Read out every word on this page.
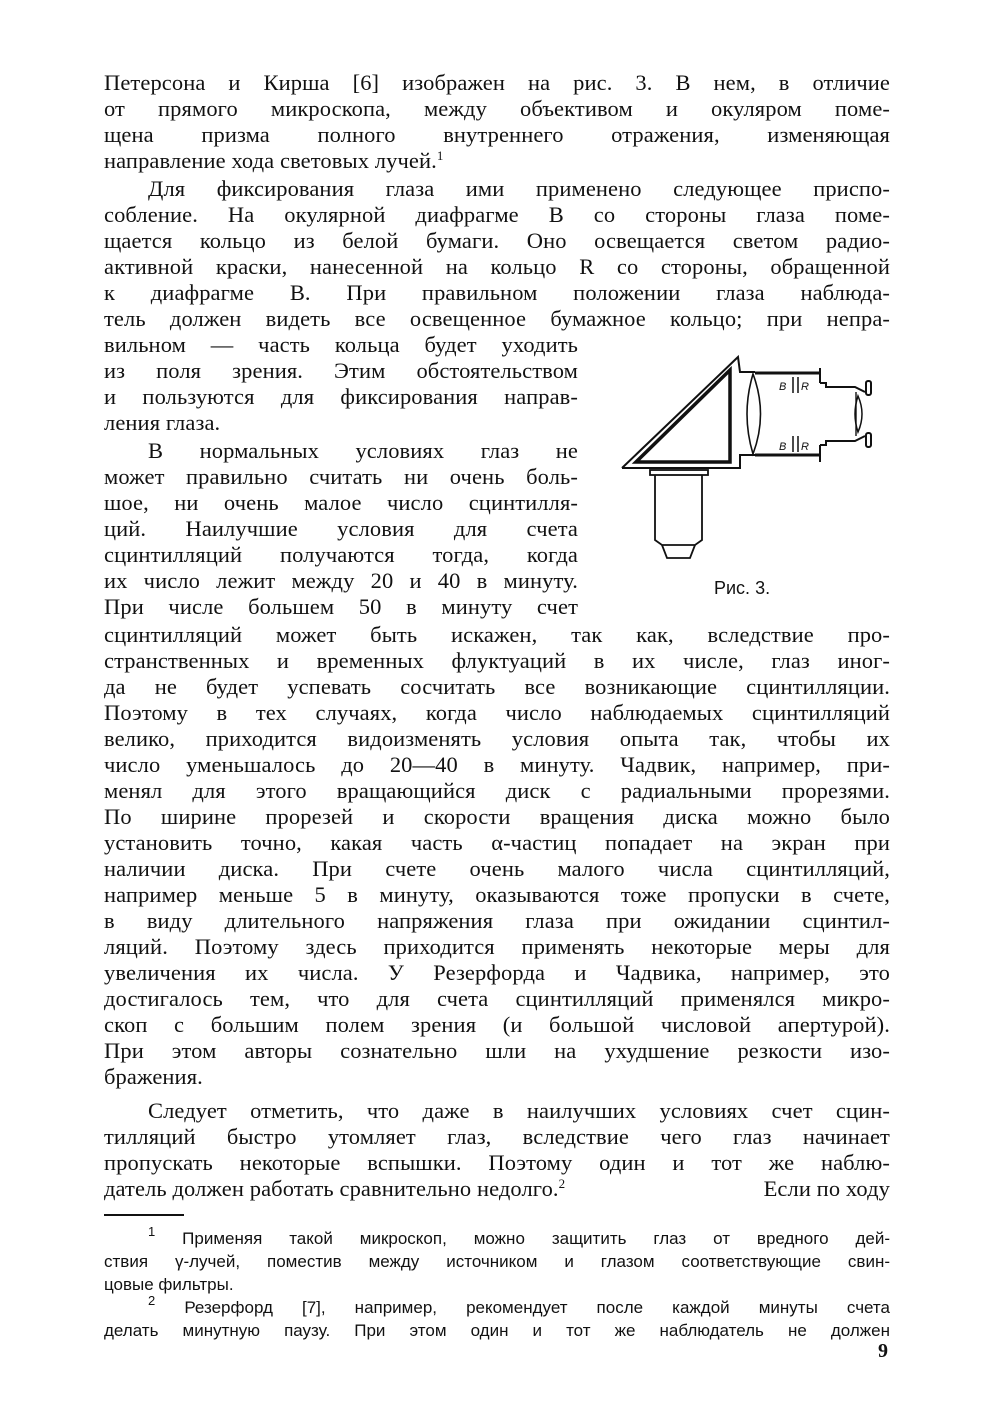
Петерсона и Кирша [6] изображен на рис. 3. В нем, в отличие
от прямого микроскопа, между объективом и окуляром поме-
щена призма полного внутреннего отражения, изменяющая
направление хода световых лучей.$^1$
Для фиксирования глаза ими применено следующее приспо-
собление. На окулярной диафрагме B со стороны глаза поме-
щается кольцо из белой бумаги. Оно освещается светом радио-
активной краски, нанесенной на кольцо R со стороны, обращенной
к диафрагме B. При правильном положении глаза наблюда-
тель должен видеть все освещенное бумажное кольцо; при непра-
вильном — часть кольца будет уходить
из поля зрения. Этим обстоятельством
и пользуются для фиксирования направ-
ления глаза.
В нормальных условиях глаз не
может правильно считать ни очень боль-
шое, ни очень малое число сцинтилля-
ций. Наилучшие условия для счета
сцинтилляций получаются тогда, когда
их число лежит между 20 и 40 в минуту.
При числе большем 50 в минуту счет
сцинтилляций может быть искажен, так как, вследствие про-
странственных и временных флуктуаций в их числе, глаз иног-
да не будет успевать сосчитать все возникающие сцинтилляции.
Поэтому в тех случаях, когда число наблюдаемых сцинтилляций
велико, приходится видоизменять условия опыта так, чтобы их
число уменьшалось до 20—40 в минуту. Чадвик, например, при-
менял для этого вращающийся диск с радиальными прорезями.
По ширине прорезей и скорости вращения диска можно было
установить точно, какая часть α-частиц попадает на экран при
наличии диска. При счете очень малого числа сцинтилляций,
например меньше 5 в минуту, оказываются тоже пропуски в счете,
в виду длительного напряжения глаза при ожидании сцинтил-
ляций. Поэтому здесь приходится применять некоторые меры для
увеличения их числа. У Резерфорда и Чадвика, например, это
достигалось тем, что для счета сцинтилляций применялся микро-
скоп с большим полем зрения (и большой числовой апертурой).
При этом авторы сознательно шли на ухудшение резкости изо-
бражения.
Следует отметить, что даже в наилучших условиях счет сцин-
тилляций быстро утомляет глаз, вследствие чего глаз начинает
пропускать некоторые вспышки. Поэтому один и тот же наблю-
датель должен работать сравнительно недолго.$^2$	Если по ходу
B R
B R
Рис. 3.
$^1$ Применяя такой микроскоп, можно защитить глаз от вредного дей-
ствия γ-лучей, поместив между источником и глазом соответствующие свин-
цовые фильтры.
$^2$ Резерфорд [7], например, рекомендует после каждой минуты счета
делать минутную паузу. При этом один и тот же наблюдатель не должен
9
